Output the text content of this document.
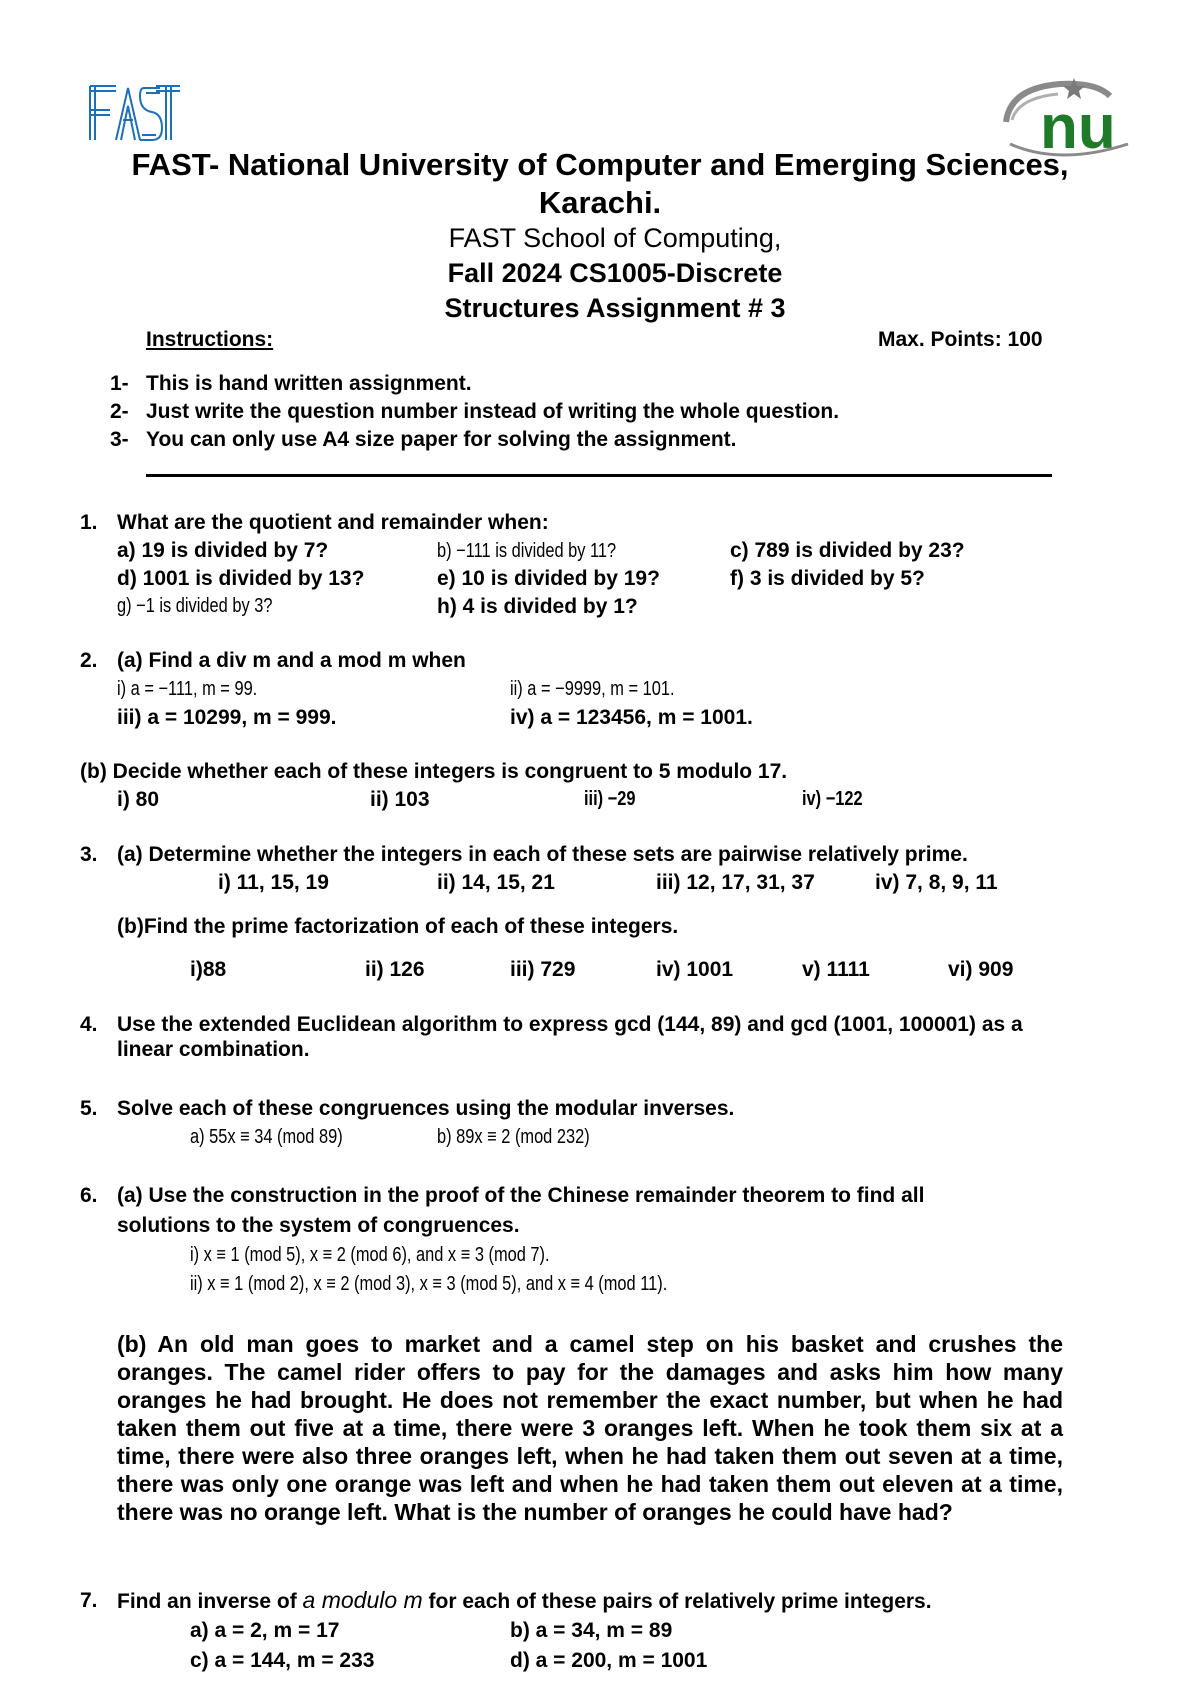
nu
FAST- National University of Computer and Emerging Sciences,
Karachi.
FAST School of Computing,
Fall 2024 CS1005-Discrete
Structures Assignment # 3
Instructions:	Max. Points: 100
1- This is hand written assignment.
2- Just write the question number instead of writing the whole question.
3- You can only use A4 size paper for solving the assignment.
1. What are the quotient and remainder when:
a) 19 is divided by 7?	b) −111 is divided by 11?	c) 789 is divided by 23?
d) 1001 is divided by 13?	e) 10 is divided by 19?	f) 3 is divided by 5?
g) −1 is divided by 3?	h) 4 is divided by 1?
2. (a) Find a div m and a mod m when
i) a = −111, m = 99.	ii) a = −9999, m = 101.
iii) a = 10299, m = 999.	iv) a = 123456, m = 1001.
(b) Decide whether each of these integers is congruent to 5 modulo 17.
i) 80	ii) 103	iii) −29	iv) −122
3. (a) Determine whether the integers in each of these sets are pairwise relatively prime.
i) 11, 15, 19	ii) 14, 15, 21	iii) 12, 17, 31, 37	iv) 7, 8, 9, 11
(b)Find the prime factorization of each of these integers.
i)88	ii) 126	iii) 729	iv) 1001	v) 1111	vi) 909
4. Use the extended Euclidean algorithm to express gcd (144, 89) and gcd (1001, 100001) as a
linear combination.
5. Solve each of these congruences using the modular inverses.
a) 55x ≡ 34 (mod 89)	b) 89x ≡ 2 (mod 232)
6. (a) Use the construction in the proof of the Chinese remainder theorem to find all
solutions to the system of congruences.
i) x ≡ 1 (mod 5), x ≡ 2 (mod 6), and x ≡ 3 (mod 7).
ii) x ≡ 1 (mod 2), x ≡ 2 (mod 3), x ≡ 3 (mod 5), and x ≡ 4 (mod 11).
(b) An old man goes to market and a camel step on his basket and crushes the oranges. The camel rider offers to pay for the damages and asks him how many oranges he had brought. He does not remember the exact number, but when he had taken them out five at a time, there were 3 oranges left. When he took them six at a time, there were also three oranges left, when he had taken them out seven at a time, there was only one orange was left and when he had taken them out eleven at a time, there was no orange left. What is the number of oranges he could have had?
7. Find an inverse of a modulo m for each of these pairs of relatively prime integers.
a) a = 2, m = 17	b) a = 34, m = 89
c) a = 144, m = 233	d) a = 200, m = 1001
